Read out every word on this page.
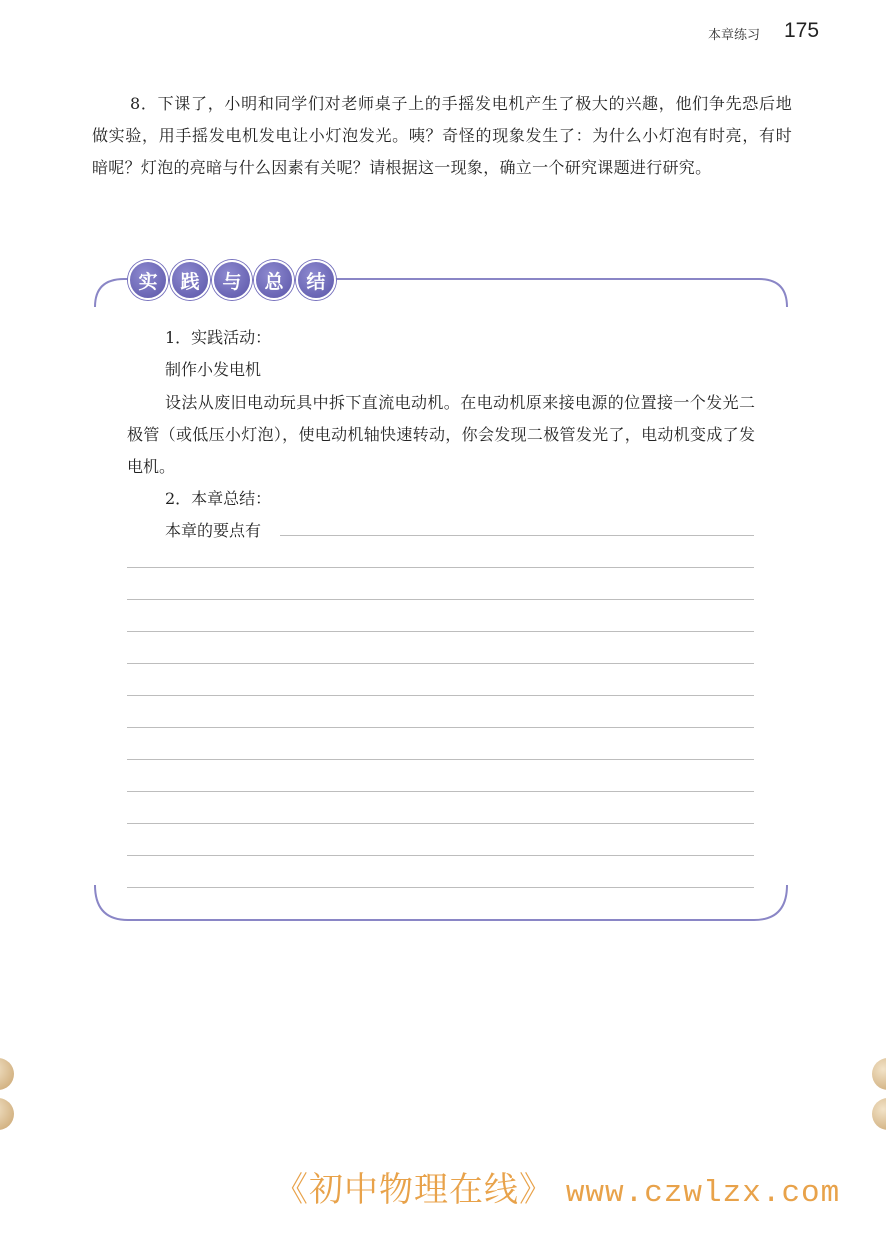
本章练习 175
8．下课了，小明和同学们对老师桌子上的手摇发电机产生了极大的兴趣，他们争先恐后地做实验，用手摇发电机发电让小灯泡发光。咦？奇怪的现象发生了：为什么小灯泡有时亮，有时暗呢？灯泡的亮暗与什么因素有关呢？请根据这一现象，确立一个研究课题进行研究。
实	践	与	总	结
1．实践活动：
制作小发电机
设法从废旧电动玩具中拆下直流电动机。在电动机原来接电源的位置接一个发光二极管（或低压小灯泡），使电动机轴快速转动，你会发现二极管发光了，电动机变成了发电机。
2．本章总结：
本章的要点有
《初中物理在线》 www.czwlzx.com
